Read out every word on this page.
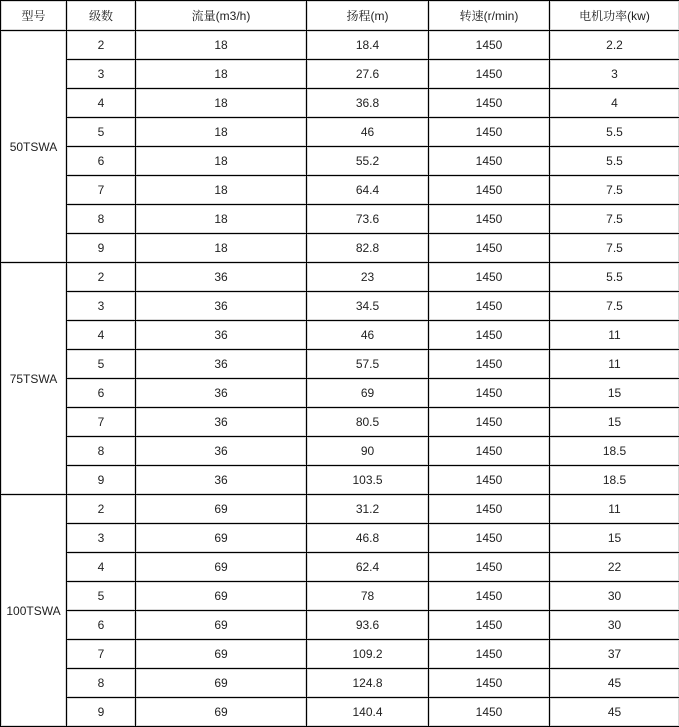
型号	级数	流量(m3/h)	扬程(m)	转速(r/min)	电机功率(kw)
50TSWA	2	18	18.4	1450	2.2
	3	18	27.6	1450	3
	4	18	36.8	1450	4
	5	18	46	1450	5.5
	6	18	55.2	1450	5.5
	7	18	64.4	1450	7.5
	8	18	73.6	1450	7.5
	9	18	82.8	1450	7.5
75TSWA	2	36	23	1450	5.5
	3	36	34.5	1450	7.5
	4	36	46	1450	11
	5	36	57.5	1450	11
	6	36	69	1450	15
	7	36	80.5	1450	15
	8	36	90	1450	18.5
	9	36	103.5	1450	18.5
100TSWA	2	69	31.2	1450	11
	3	69	46.8	1450	15
	4	69	62.4	1450	22
	5	69	78	1450	30
	6	69	93.6	1450	30
	7	69	109.2	1450	37
	8	69	124.8	1450	45
	9	69	140.4	1450	45
